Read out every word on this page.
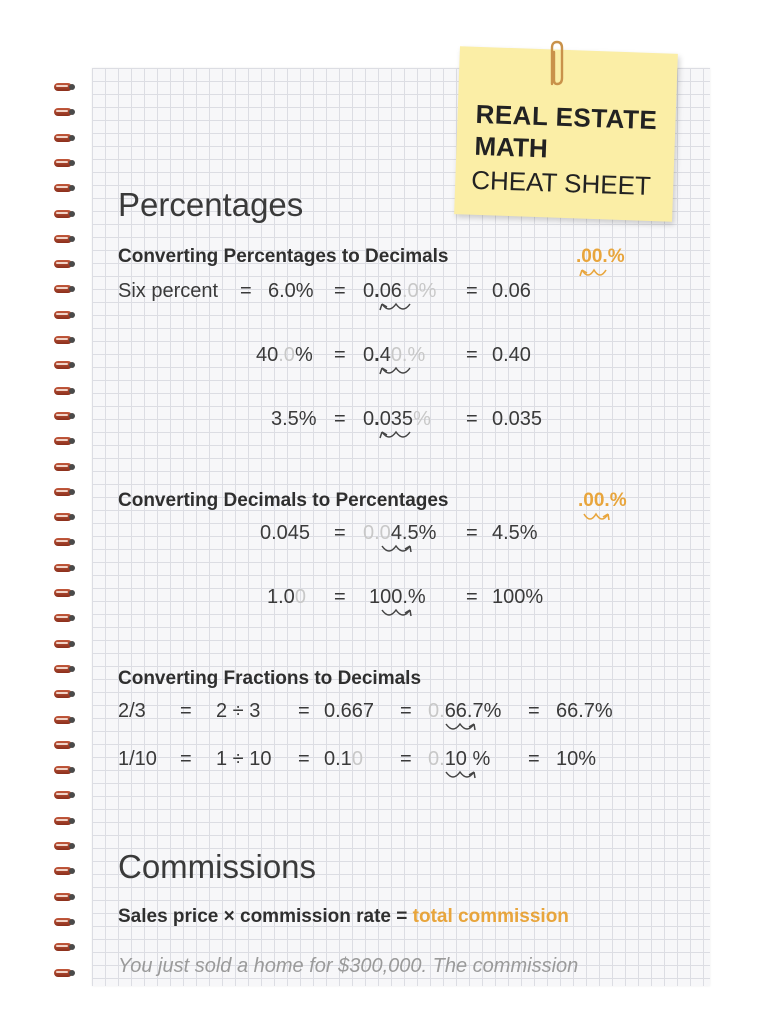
REAL ESTATE
MATH
CHEAT SHEET
Percentages
Converting Percentages to Decimals	.00.%
Six percent = 6.0% = 0.06.0% = 0.06
40.0% = 0.40.% = 0.40
3.5% = 0.035% = 0.035
Converting Decimals to Percentages	.00.%
0.045 = 0.04.5% = 4.5%
1.00 = 100.% = 100%
Converting Fractions to Decimals
2/3 = 2 ÷ 3 = 0.667 = 0.66.7% = 66.7%
1/10 = 1 ÷ 10 = 0.10 = 0.10 % = 10%
Commissions
Sales price × commission rate = total commission
You just sold a home for $300,000. The commission
